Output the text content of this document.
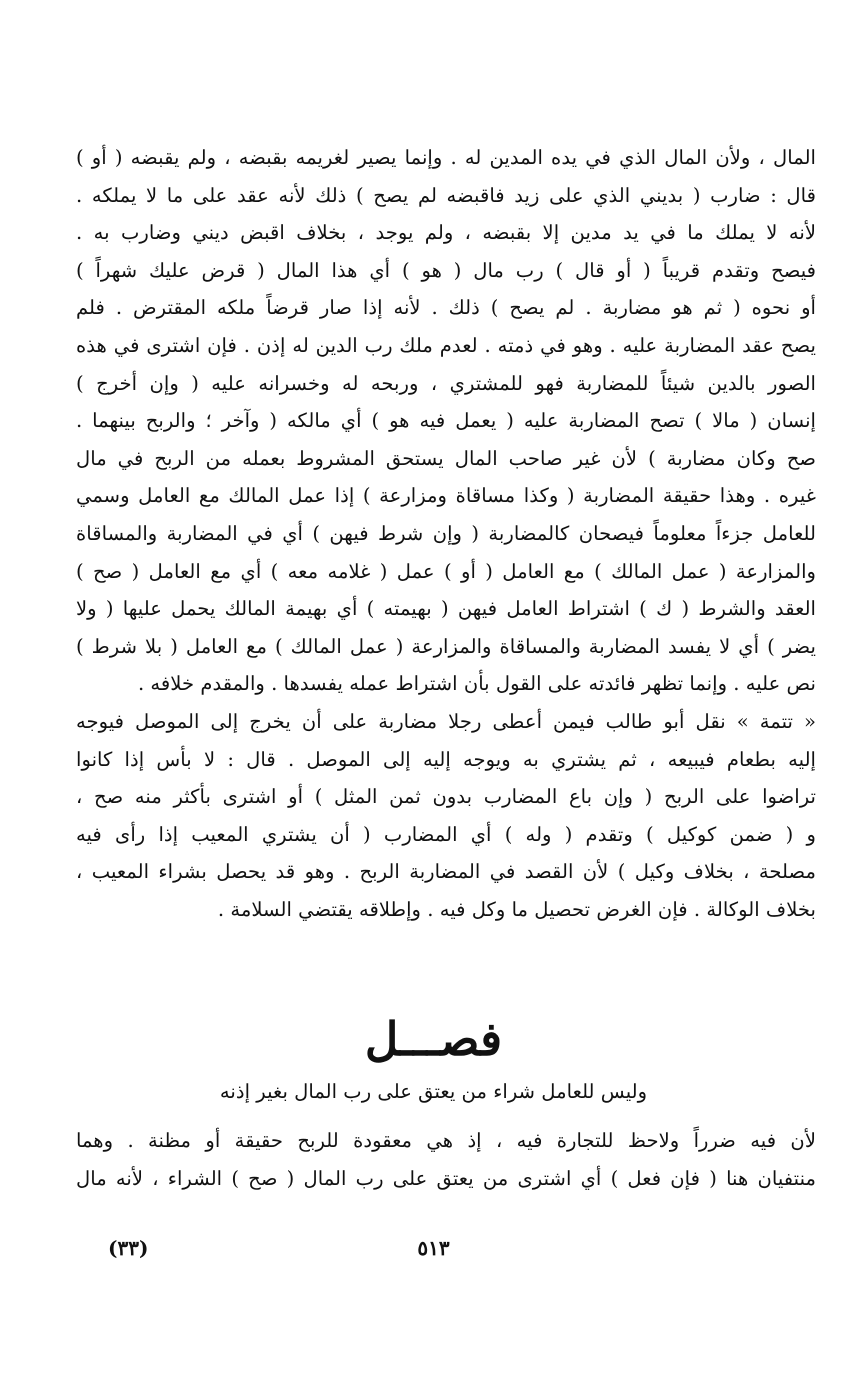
المال ، ولأن المال الذي في يده المدين له . وإنما يصير لغريمه بقبضه ، ولم يقبضه ( أو )
قال : ضارب ( بديني الذي على زيد فاقبضه لم يصح ) ذلك لأنه عقد على ما لا يملكه .
لأنه لا يملك ما في يد مدين إلا بقبضه ، ولم يوجد ، بخلاف اقبض ديني وضارب به .
فيصح وتقدم قريباً ( أو قال ) رب مال ( هو ) أي هذا المال ( قرض عليك شهراً )
أو نحوه ( ثم هو مضاربة . لم يصح ) ذلك . لأنه إذا صار قرضاً ملكه المقترض . فلم
يصح عقد المضاربة عليه . وهو في ذمته . لعدم ملك رب الدين له إذن . فإن اشترى في هذه
الصور بالدين شيئاً للمضاربة فهو للمشتري ، وربحه له وخسرانه عليه ( وإن أخرج )
إنسان ( مالا ) تصح المضاربة عليه ( يعمل فيه هو ) أي مالكه ( وآخر ؛ والربح بينهما .
صح وكان مضاربة ) لأن غير صاحب المال يستحق المشروط بعمله من الربح في مال
غيره . وهذا حقيقة المضاربة ( وكذا مساقاة ومزارعة ) إذا عمل المالك مع العامل وسمي
للعامل جزءاً معلوماً فيصحان كالمضاربة ( وإن شرط فيهن ) أي في المضاربة والمساقاة
والمزارعة ( عمل المالك ) مع العامل ( أو ) عمل ( غلامه معه ) أي مع العامل ( صح )
العقد والشرط ( ك ) اشتراط العامل فيهن ( بهيمته ) أي بهيمة المالك يحمل عليها ( ولا
يضر ) أي لا يفسد المضاربة والمساقاة والمزارعة ( عمل المالك ) مع العامل ( بلا شرط )
نص عليه . وإنما تظهر فائدته على القول بأن اشتراط عمله يفسدها . والمقدم خلافه .
« تتمة » نقل أبو طالب فيمن أعطى رجلا مضاربة على أن يخرج إلى الموصل فيوجه
إليه بطعام فيبيعه ، ثم يشتري به ويوجه إليه إلى الموصل . قال : لا بأس إذا كانوا
تراضوا على الربح ( وإن باع المضارب بدون ثمن المثل ) أو اشترى بأكثر منه صح ،
و ( ضمن كوكيل ) وتقدم ( وله ) أي المضارب ( أن يشتري المعيب إذا رأى فيه
مصلحة ، بخلاف وكيل ) لأن القصد في المضاربة الربح . وهو قد يحصل بشراء المعيب ،
بخلاف الوكالة . فإن الغرض تحصيل ما وكل فيه . وإطلاقه يقتضي السلامة .
فصـــل
وليس للعامل شراء من يعتق على رب المال بغير إذنه
لأن فيه ضرراً ولاحظ للتجارة فيه ، إذ هي معقودة للربح حقيقة أو مظنة . وهما
منتفيان هنا ( فإن فعل ) أي اشترى من يعتق على رب المال ( صح ) الشراء ، لأنه مال
٥١٣
(٣٣)
